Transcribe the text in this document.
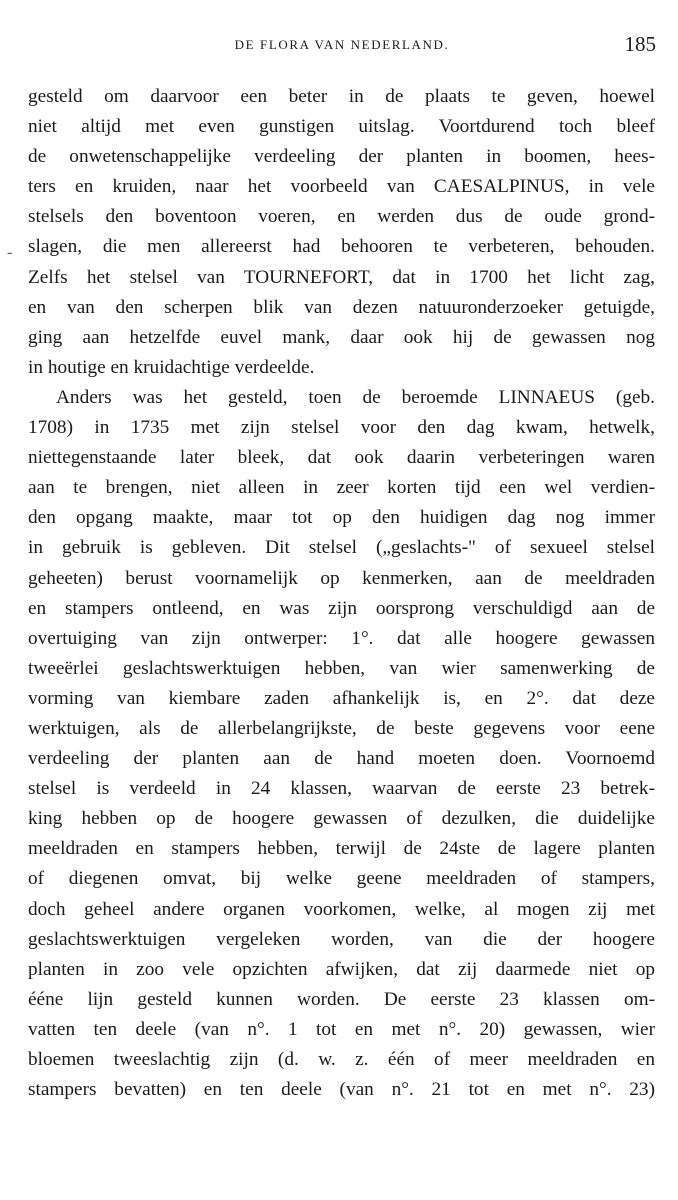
DE FLORA VAN NEDERLAND.	185
-
gesteld om daarvoor een beter in de plaats te geven, hoewel
niet altijd met even gunstigen uitslag. Voortdurend toch bleef
de onwetenschappelijke verdeeling der planten in boomen, hees-
ters en kruiden, naar het voorbeeld van CAESALPINUS, in vele
stelsels den boventoon voeren, en werden dus de oude grond-
slagen, die men allereerst had behooren te verbeteren, behouden.
Zelfs het stelsel van TOURNEFORT, dat in 1700 het licht zag,
en van den scherpen blik van dezen natuuronderzoeker getuigde,
ging aan hetzelfde euvel mank, daar ook hij de gewassen nog
in houtige en kruidachtige verdeelde.
Anders was het gesteld, toen de beroemde LINNAEUS (geb.
1708) in 1735 met zijn stelsel voor den dag kwam, hetwelk,
niettegenstaande later bleek, dat ook daarin verbeteringen waren
aan te brengen, niet alleen in zeer korten tijd een wel verdien-
den opgang maakte, maar tot op den huidigen dag nog immer
in gebruik is gebleven. Dit stelsel („geslachts-" of sexueel stelsel
geheeten) berust voornamelijk op kenmerken, aan de meeldraden
en stampers ontleend, en was zijn oorsprong verschuldigd aan de
overtuiging van zijn ontwerper: 1°. dat alle hoogere gewassen
tweeërlei geslachtswerktuigen hebben, van wier samenwerking de
vorming van kiembare zaden afhankelijk is, en 2°. dat deze
werktuigen, als de allerbelangrijkste, de beste gegevens voor eene
verdeeling der planten aan de hand moeten doen. Voornoemd
stelsel is verdeeld in 24 klassen, waarvan de eerste 23 betrek-
king hebben op de hoogere gewassen of dezulken, die duidelijke
meeldraden en stampers hebben, terwijl de 24ste de lagere planten
of diegenen omvat, bij welke geene meeldraden of stampers,
doch geheel andere organen voorkomen, welke, al mogen zij met
geslachtswerktuigen vergeleken worden, van die der hoogere
planten in zoo vele opzichten afwijken, dat zij daarmede niet op
ééne lijn gesteld kunnen worden. De eerste 23 klassen om-
vatten ten deele (van n°. 1 tot en met n°. 20) gewassen, wier
bloemen tweeslachtig zijn (d. w. z. één of meer meeldraden en
stampers bevatten) en ten deele (van n°. 21 tot en met n°. 23)
